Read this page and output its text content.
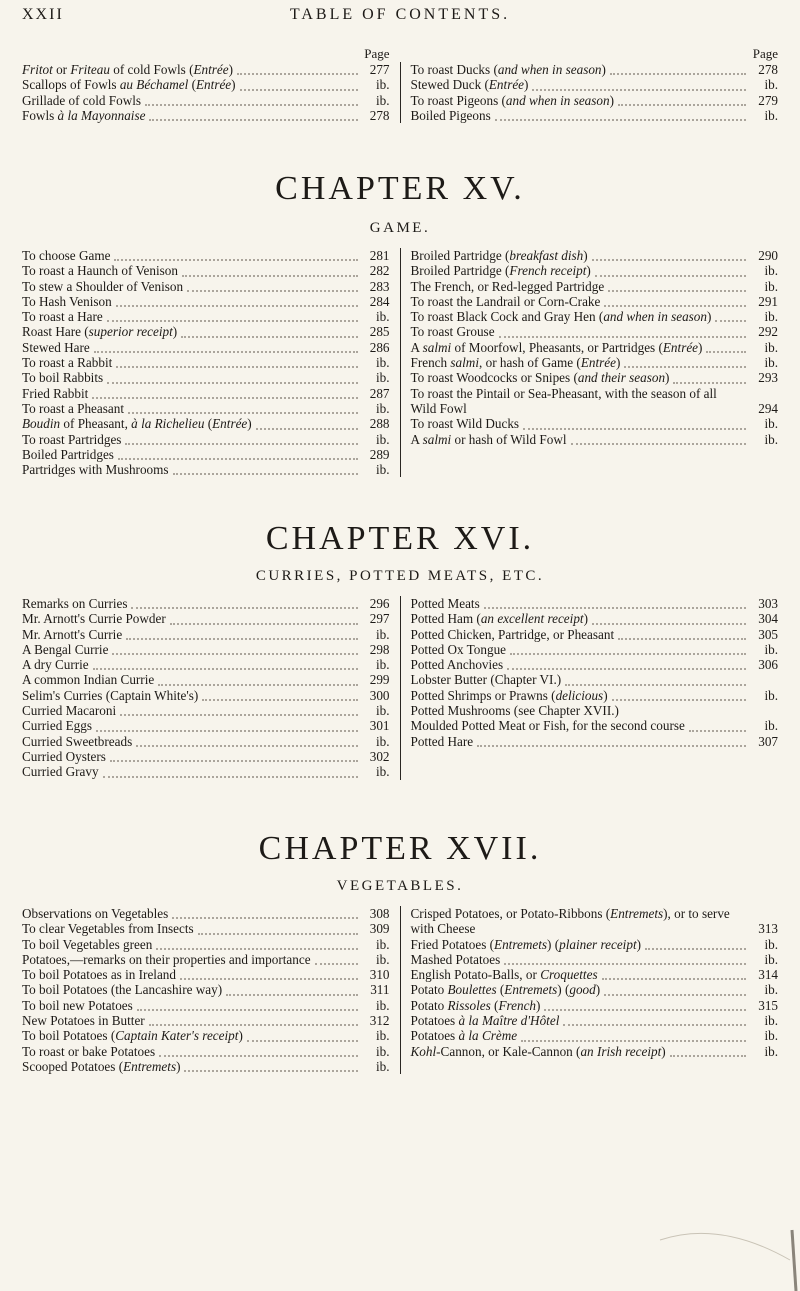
XXII	TABLE OF CONTENTS.
Page
Fritot or Friteau of cold Fowls (Entrée)	277
Scallops of Fowls au Béchamel (Entrée)	ib.
Grillade of cold Fowls	ib.
Fowls à la Mayonnaise	278
Page
To roast Ducks (and when in season)	278
Stewed Duck (Entrée)	ib.
To roast Pigeons (and when in season)	279
Boiled Pigeons	ib.
CHAPTER XV.
GAME.
To choose Game	281
To roast a Haunch of Venison	282
To stew a Shoulder of Venison	283
To Hash Venison	284
To roast a Hare	ib.
Roast Hare (superior receipt)	285
Stewed Hare	286
To roast a Rabbit	ib.
To boil Rabbits	ib.
Fried Rabbit	287
To roast a Pheasant	ib.
Boudin of Pheasant, à la Richelieu (Entrée)	288
To roast Partridges	ib.
Boiled Partridges	289
Partridges with Mushrooms	ib.
Broiled Partridge (breakfast dish)	290
Broiled Partridge (French receipt)	ib.
The French, or Red-legged Partridge	ib.
To roast the Landrail or Corn-Crake	291
To roast Black Cock and Gray Hen (and when in season)	ib.
To roast Grouse	292
A salmi of Moorfowl, Pheasants, or Partridges (Entrée)	ib.
French salmi, or hash of Game (Entrée)	ib.
To roast Woodcocks or Snipes (and their season)	293
To roast the Pintail or Sea-Pheasant, with the season of all Wild Fowl	294
To roast Wild Ducks	ib.
A salmi or hash of Wild Fowl	ib.
CHAPTER XVI.
CURRIES, POTTED MEATS, ETC.
Remarks on Curries	296
Mr. Arnott's Currie Powder	297
Mr. Arnott's Currie	ib.
A Bengal Currie	298
A dry Currie	ib.
A common Indian Currie	299
Selim's Curries (Captain White's)	300
Curried Macaroni	ib.
Curried Eggs	301
Curried Sweetbreads	ib.
Curried Oysters	302
Curried Gravy	ib.
Potted Meats	303
Potted Ham (an excellent receipt)	304
Potted Chicken, Partridge, or Pheasant	305
Potted Ox Tongue	ib.
Potted Anchovies	306
Lobster Butter (Chapter VI.)
Potted Shrimps or Prawns (delicious)	ib.
Potted Mushrooms (see Chapter XVII.)
Moulded Potted Meat or Fish, for the second course	ib.
Potted Hare	307
CHAPTER XVII.
VEGETABLES.
Observations on Vegetables	308
To clear Vegetables from Insects	309
To boil Vegetables green	ib.
Potatoes,—remarks on their properties and importance	ib.
To boil Potatoes as in Ireland	310
To boil Potatoes (the Lancashire way)	311
To boil new Potatoes	ib.
New Potatoes in Butter	312
To boil Potatoes (Captain Kater's receipt)	ib.
To roast or bake Potatoes	ib.
Scooped Potatoes (Entremets)	ib.
Crisped Potatoes, or Potato-Ribbons (Entremets), or to serve with Cheese	313
Fried Potatoes (Entremets) (plainer receipt)	ib.
Mashed Potatoes	ib.
English Potato-Balls, or Croquettes	314
Potato Boulettes (Entremets) (good)	ib.
Potato Rissoles (French)	315
Potatoes à la Maître d'Hôtel	ib.
Potatoes à la Crème	ib.
Kohl-Cannon, or Kale-Cannon (an Irish receipt)	ib.
